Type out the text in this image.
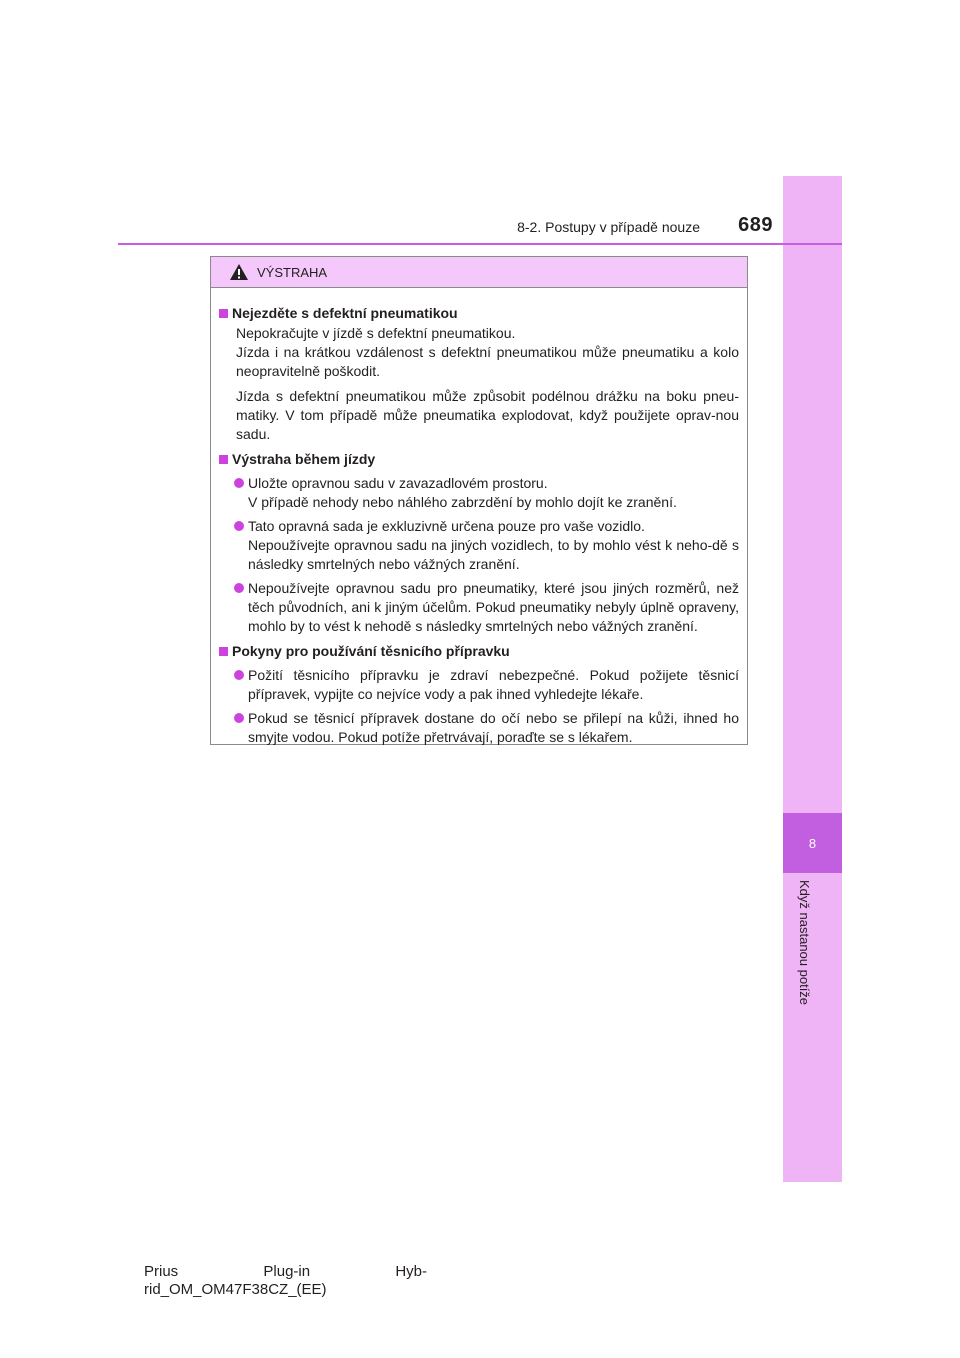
8
Když nastanou potíže
8-2. Postupy v případě nouze 689
VÝSTRAHA
Nejezděte s defektní pneumatikou
Nepokračujte v jízdě s defektní pneumatikou.
Jízda i na krátkou vzdálenost s defektní pneumatikou může pneumatiku a kolo neopravitelně poškodit.
Jízda s defektní pneumatikou může způsobit podélnou drážku na boku pneu-matiky. V tom případě může pneumatika explodovat, když použijete oprav-nou sadu.
Výstraha během jízdy
Uložte opravnou sadu v zavazadlovém prostoru.
V případě nehody nebo náhlého zabrzdění by mohlo dojít ke zranění.
Tato opravná sada je exkluzivně určena pouze pro vaše vozidlo.
Nepoužívejte opravnou sadu na jiných vozidlech, to by mohlo vést k neho-dě s následky smrtelných nebo vážných zranění.
Nepoužívejte opravnou sadu pro pneumatiky, které jsou jiných rozměrů, než těch původních, ani k jiným účelům. Pokud pneumatiky nebyly úplně opraveny, mohlo by to vést k nehodě s následky smrtelných nebo vážných zranění.
Pokyny pro používání těsnicího přípravku
Požití těsnicího přípravku je zdraví nebezpečné. Pokud požijete těsnicí přípravek, vypijte co nejvíce vody a pak ihned vyhledejte lékaře.
Pokud se těsnicí přípravek dostane do očí nebo se přilepí na kůži, ihned ho smyjte vodou. Pokud potíže přetrvávají, poraďte se s lékařem.
Prius	Plug-in	Hyb-
rid_OM_OM47F38CZ_(EE)
